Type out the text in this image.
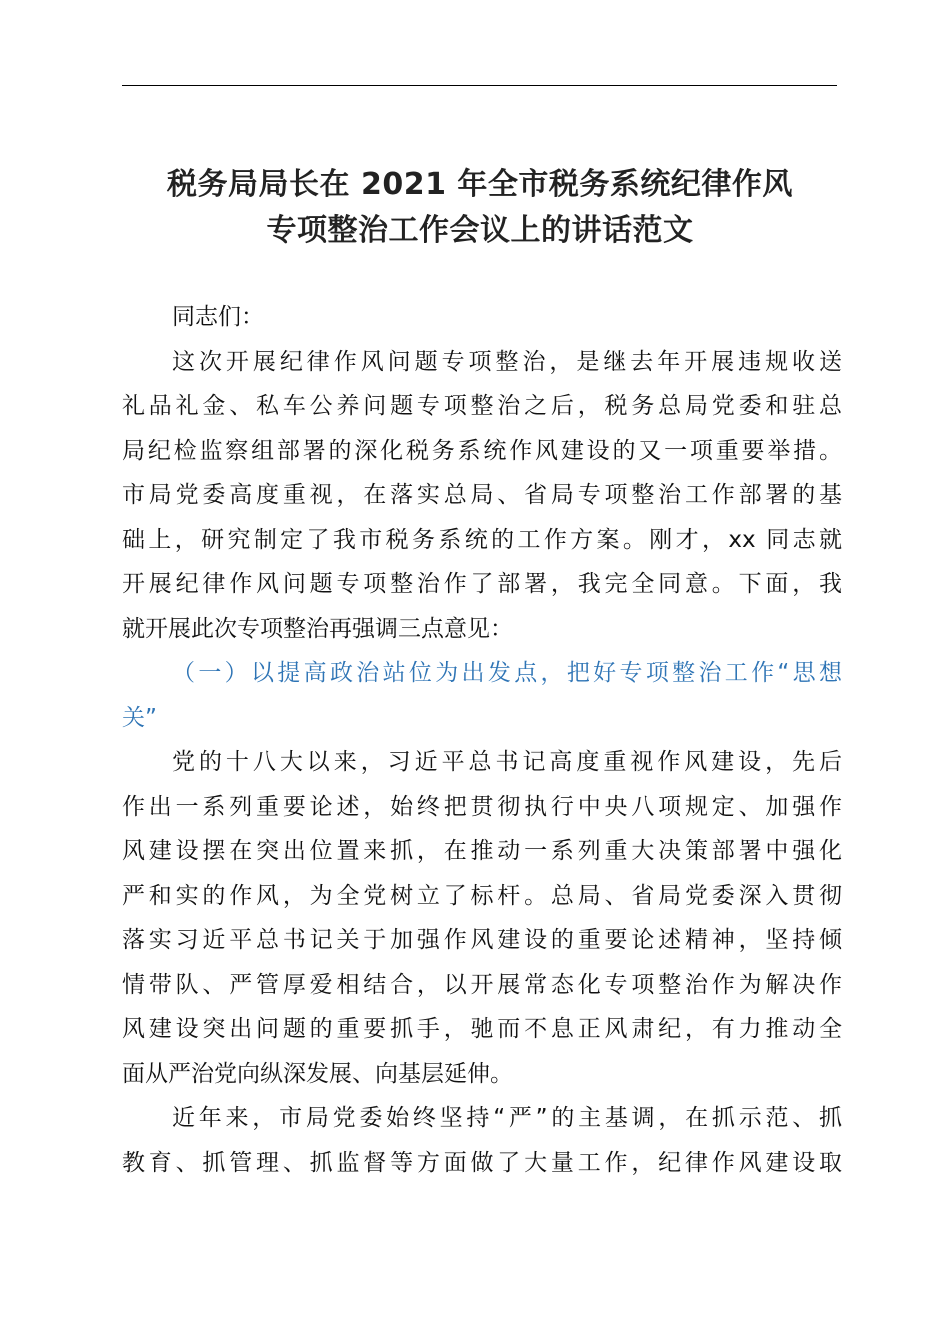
税务局局长在 2021 年全市税务系统纪律作风
专项整治工作会议上的讲话范文
同志们：
这次开展纪律作风问题专项整治，是继去年开展违规收送
礼品礼金、私车公养问题专项整治之后，税务总局党委和驻总
局纪检监察组部署的深化税务系统作风建设的又一项重要举措。
市局党委高度重视，在落实总局、省局专项整治工作部署的基
础上，研究制定了我市税务系统的工作方案。刚才，xx 同志就
开展纪律作风问题专项整治作了部署，我完全同意。下面，我
就开展此次专项整治再强调三点意见：
（一）以提高政治站位为出发点，把好专项整治工作“思想
关”
党的十八大以来，习近平总书记高度重视作风建设，先后
作出一系列重要论述，始终把贯彻执行中央八项规定、加强作
风建设摆在突出位置来抓，在推动一系列重大决策部署中强化
严和实的作风，为全党树立了标杆。总局、省局党委深入贯彻
落实习近平总书记关于加强作风建设的重要论述精神，坚持倾
情带队、严管厚爱相结合，以开展常态化专项整治作为解决作
风建设突出问题的重要抓手，驰而不息正风肃纪，有力推动全
面从严治党向纵深发展、向基层延伸。
近年来，市局党委始终坚持“严”的主基调，在抓示范、抓
教育、抓管理、抓监督等方面做了大量工作，纪律作风建设取
